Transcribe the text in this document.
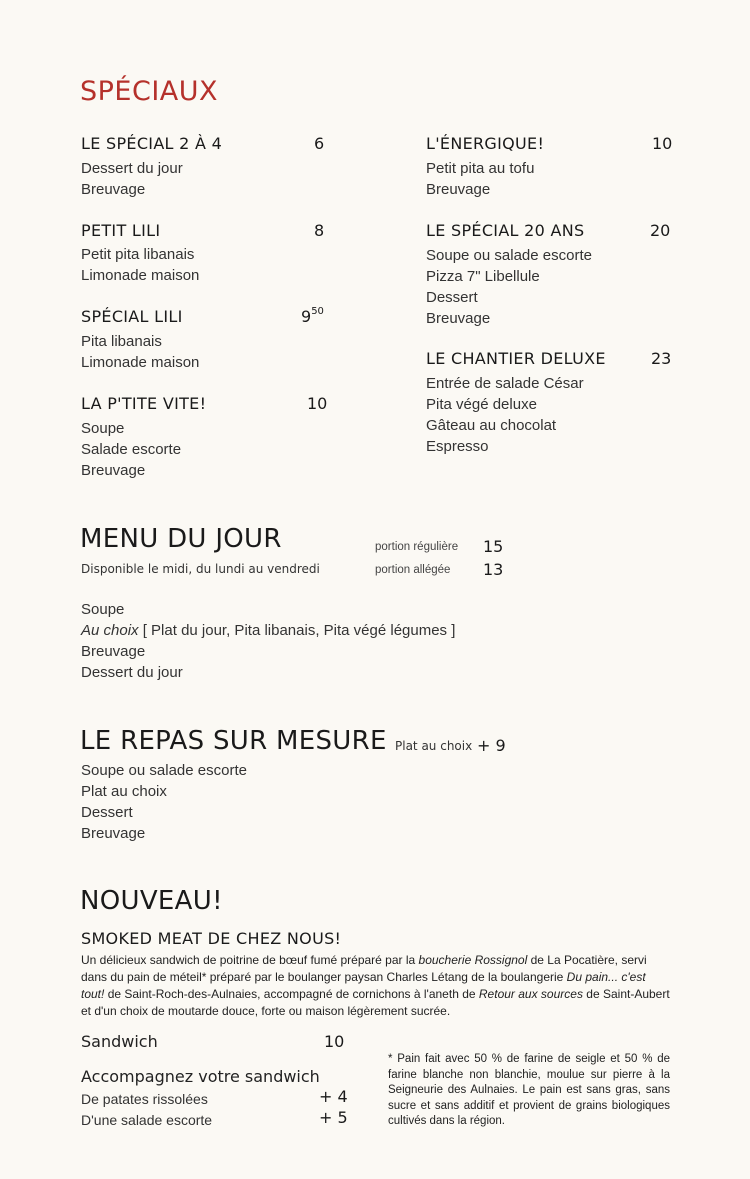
SPÉCIAUX
LE SPÉCIAL 2 À 4	6
Dessert du jour
Breuvage
PETIT LILI	8
Petit pita libanais
Limonade maison
SPÉCIAL LILI	$9^{50}$
Pita libanais
Limonade maison
LA P'TITE VITE!	10
Soupe
Salade escorte
Breuvage
L'ÉNERGIQUE!	10
Petit pita au tofu
Breuvage
LE SPÉCIAL 20 ANS	20
Soupe ou salade escorte
Pizza 7" Libellule
Dessert
Breuvage
LE CHANTIER DELUXE	23
Entrée de salade César
Pita végé deluxe
Gâteau au chocolat
Espresso
MENU DU JOUR
Disponible le midi, du lundi au vendredi
portion régulière 15
portion allégée 13
Soupe
Au choix [ Plat du jour, Pita libanais, Pita végé légumes ]
Breuvage
Dessert du jour
LE REPAS SUR MESURE Plat au choix + 9
Soupe ou salade escorte
Plat au choix
Dessert
Breuvage
NOUVEAU!
SMOKED MEAT DE CHEZ NOUS!
Un délicieux sandwich de poitrine de bœuf fumé préparé par la boucherie Rossignol de La Pocatière, servi dans du pain de méteil* préparé par le boulanger paysan Charles Létang de la boulangerie Du pain... c'est tout! de Saint-Roch-des-Aulnaies, accompagné de cornichons à l'aneth de Retour aux sources de Saint-Aubert et d'un choix de moutarde douce, forte ou maison légèrement sucrée.
Sandwich	10
Accompagnez votre sandwich
De patates rissolées	+ 4
D'une salade escorte	+ 5
* Pain fait avec 50 % de farine de seigle et 50 % de farine blanche non blanchie, moulue sur pierre à la Seigneurie des Aulnaies. Le pain est sans gras, sans sucre et sans additif et provient de grains biologiques cultivés dans la région.
